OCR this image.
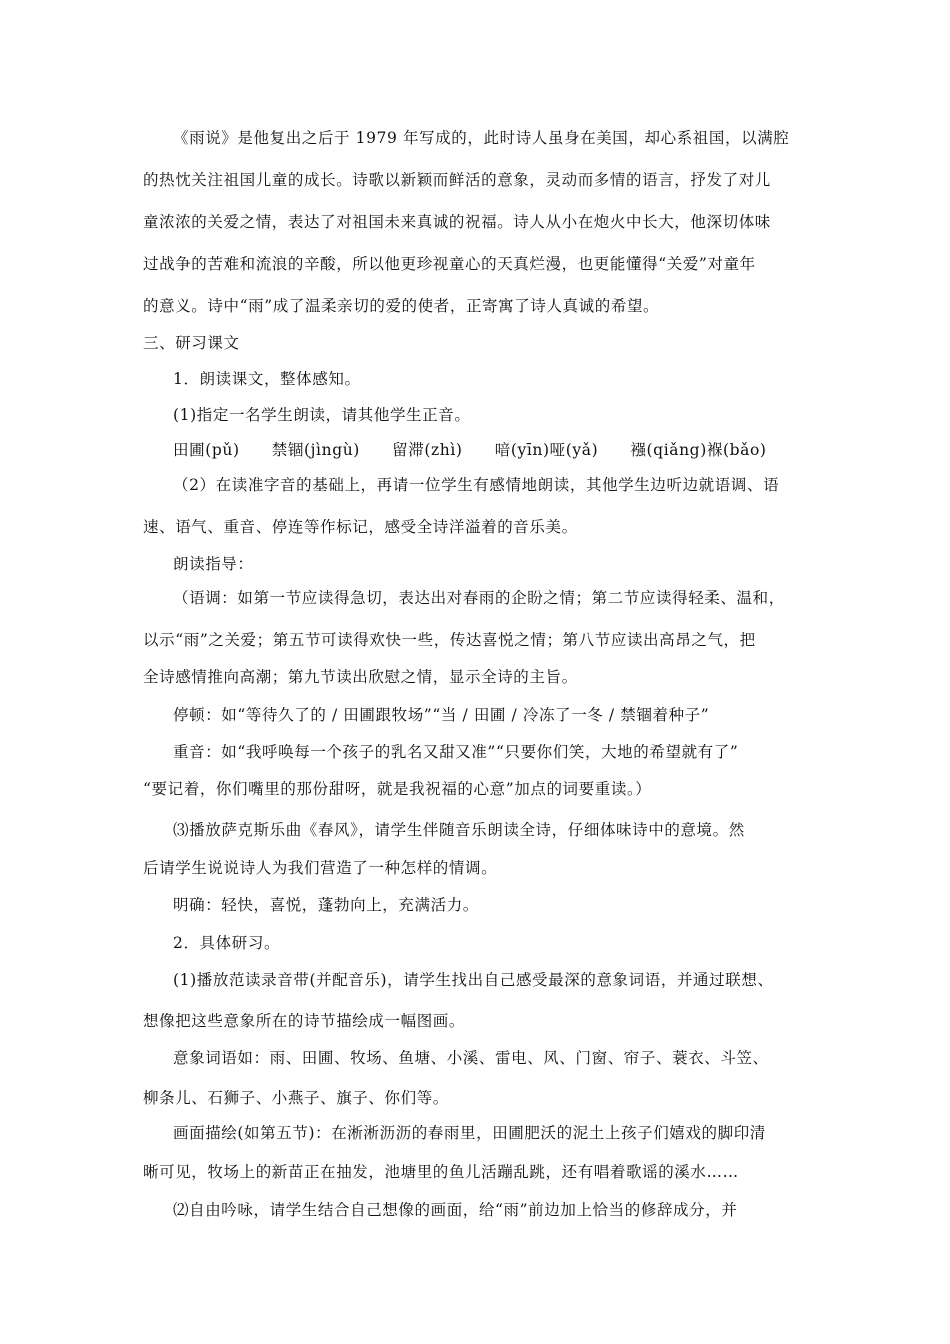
《雨说》是他复出之后于 1979 年写成的，此时诗人虽身在美国，却心系祖国，以满腔
的热忱关注祖国儿童的成长。诗歌以新颖而鲜活的意象，灵动而多情的语言，抒发了对儿
童浓浓的关爱之情，表达了对祖国未来真诚的祝福。诗人从小在炮火中长大，他深切体味
过战争的苦难和流浪的辛酸，所以他更珍视童心的天真烂漫，也更能懂得“关爱”对童年
的意义。诗中“雨”成了温柔亲切的爱的使者，正寄寓了诗人真诚的希望。
三、研习课文
1．朗读课文，整体感知。
(1)指定一名学生朗读，请其他学生正音。
田圃(pǔ)　　禁锢(jìngù)　　留滞(zhì)　　喑(yīn)哑(yǎ)　　襁(qiǎng)褓(bǎo)
（2）在读准字音的基础上，再请一位学生有感情地朗读，其他学生边听边就语调、语
速、语气、重音、停连等作标记，感受全诗洋溢着的音乐美。
朗读指导：
（语调：如第一节应读得急切，表达出对春雨的企盼之情；第二节应读得轻柔、温和，
以示“雨”之关爱；第五节可读得欢快一些，传达喜悦之情；第八节应读出高昂之气，把
全诗感情推向高潮；第九节读出欣慰之情，显示全诗的主旨。
停顿：如“等待久了的 / 田圃跟牧场”“当 / 田圃 / 冷冻了一冬 / 禁锢着种子”
重音：如“我呼唤每一个孩子的乳名又甜又准”“只要你们笑，大地的希望就有了”
“要记着，你们嘴里的那份甜呀，就是我祝福的心意”加点的词要重读。）
⑶播放萨克斯乐曲《春风》，请学生伴随音乐朗读全诗，仔细体味诗中的意境。然
后请学生说说诗人为我们营造了一种怎样的情调。
明确：轻快，喜悦，蓬勃向上，充满活力。
2．具体研习。
(1)播放范读录音带(并配音乐)，请学生找出自己感受最深的意象词语，并通过联想、
想像把这些意象所在的诗节描绘成一幅图画。
意象词语如：雨、田圃、牧场、鱼塘、小溪、雷电、风、门窗、帘子、蓑衣、斗笠、
柳条儿、石狮子、小燕子、旗子、你们等。
画面描绘(如第五节)：在淅淅沥沥的春雨里，田圃肥沃的泥土上孩子们嬉戏的脚印清
晰可见，牧场上的新苗正在抽发，池塘里的鱼儿活蹦乱跳，还有唱着歌谣的溪水……
⑵自由吟咏，请学生结合自己想像的画面，给“雨”前边加上恰当的修辞成分，并
